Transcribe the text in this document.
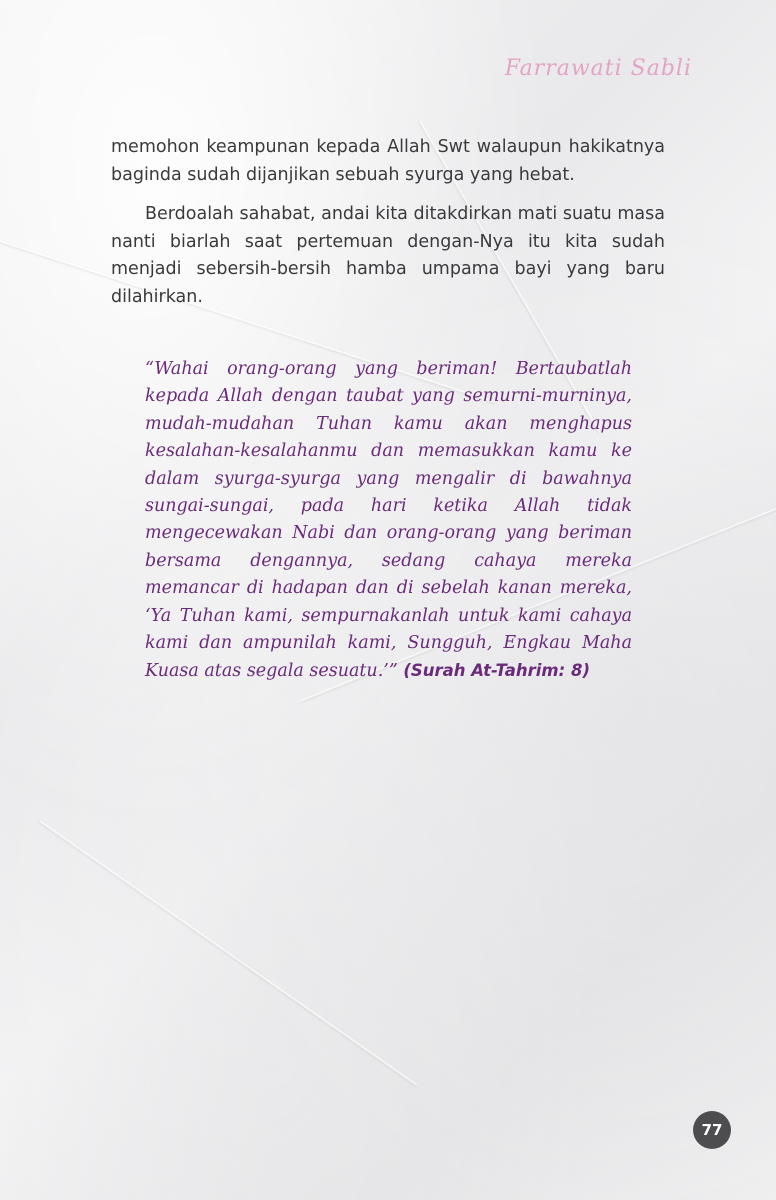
Farrawati Sabli

memohon keampunan kepada Allah Swt walaupun hakikatnya baginda sudah dijanjikan sebuah syurga yang hebat.

Berdoalah sahabat, andai kita ditakdirkan mati suatu masa nanti biarlah saat pertemuan dengan-Nya itu kita sudah menjadi sebersih-bersih hamba umpama bayi yang baru dilahirkan.

“Wahai orang-orang yang beriman! Bertaubatlah kepada Allah dengan taubat yang semurni-murninya, mudah-mudahan Tuhan kamu akan menghapus kesalahan-kesalahanmu dan memasukkan kamu ke dalam syurga-syurga yang mengalir di bawahnya sungai-sungai, pada hari ketika Allah tidak mengecewakan Nabi dan orang-orang yang beriman bersama dengannya, sedang cahaya mereka memancar di hadapan dan di sebelah kanan mereka, ‘Ya Tuhan kami, sempurnakanlah untuk kami cahaya kami dan ampunilah kami, Sungguh, Engkau Maha Kuasa atas segala sesuatu.’” (Surah At-Tahrim: 8)
77
